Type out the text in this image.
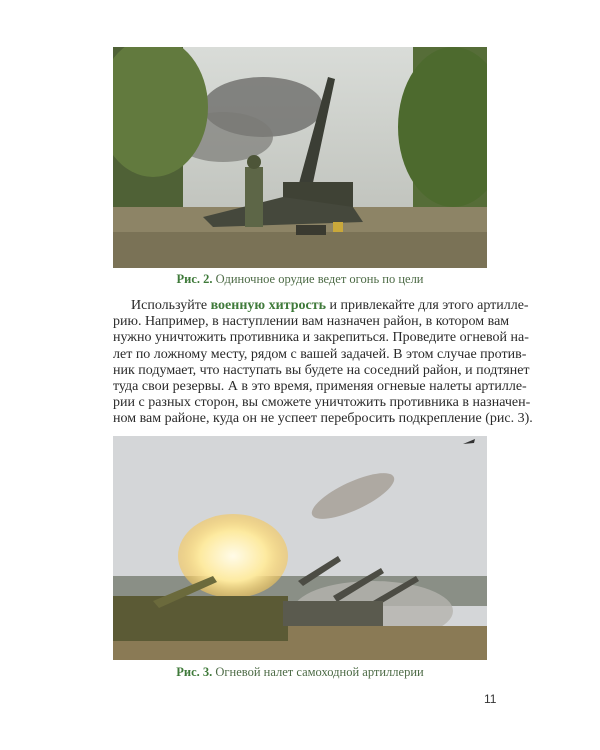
Рис. 2. Одиночное орудие ведет огонь по цели
Используйте военную хитрость и привлекайте для этого артилле-
рию. Например, в наступлении вам назначен район, в котором вам
нужно уничтожить противника и закрепиться. Проведите огневой на-
лет по ложному месту, рядом с вашей задачей. В этом случае против-
ник подумает, что наступать вы будете на соседний район, и подтянет
туда свои резервы. А в это время, применяя огневые налеты артилле-
рии с разных сторон, вы сможете уничтожить противника в назначен-
ном вам районе, куда он не успеет перебросить подкрепление (рис. 3).
Рис. 3. Огневой налет самоходной артиллерии
11
